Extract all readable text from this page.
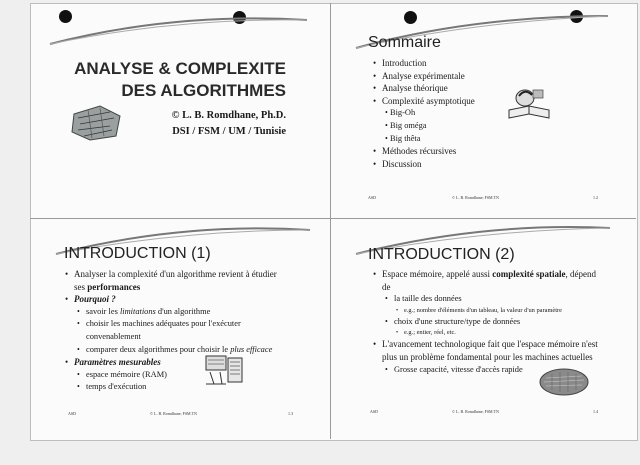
ANALYSE & COMPLEXITE
DES ALGORITHMES
© L. B. Romdhane, Ph.D.
DSI / FSM / UM / Tunisie
Sommaire
• Introduction
• Analyse expérimentale
• Analyse théorique
• Complexité asymptotique
• Big-Oh
• Big oméga
• Big thêta
• Méthodes récursives
• Discussion
ASD	© L. B. Romdhane; FSM.TN	1.2
INTRODUCTION (1)
• Analyser la complexité d'un algorithme revient à étudier ses performances
• Pourquoi ?
• savoir les limitations d'un algorithme
• choisir les machines adéquates pour l'exécuter convenablement
• comparer deux algorithmes pour choisir le plus efficace
• Paramètres mesurables
• espace mémoire (RAM)
• temps d'exécution
ASD	© L. B. Romdhane; FSM.TN	1.3
INTRODUCTION (2)
• Espace mémoire, appelé aussi complexité spatiale, dépend de
• la taille des données
• e.g.; nombre d'éléments d'un tableau, la valeur d'un paramètre
• choix d'une structure/type de données
• e.g.; entier, réel, etc.
• L'avancement technologique fait que l'espace mémoire n'est plus un problème fondamental pour les machines actuelles
• Grosse capacité, vitesse d'accès rapide
ASD	© L. B. Romdhane; FSM.TN	1.4
